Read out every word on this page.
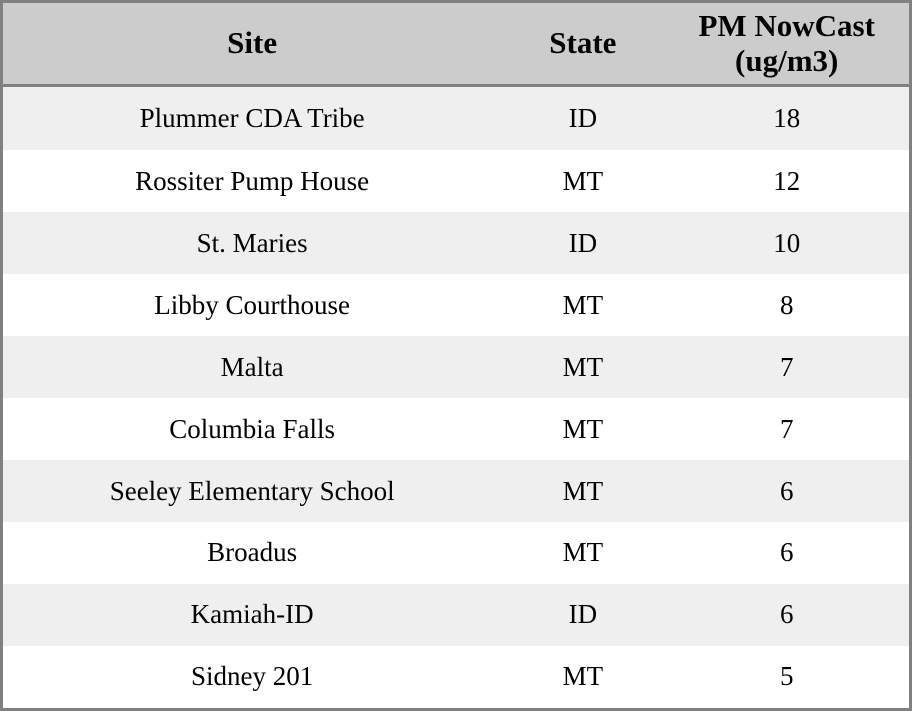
Site	State	PM NowCast (ug/m3)
Plummer CDA Tribe	ID	18
Rossiter Pump House	MT	12
St. Maries	ID	10
Libby Courthouse	MT	8
Malta	MT	7
Columbia Falls	MT	7
Seeley Elementary School	MT	6
Broadus	MT	6
Kamiah-ID	ID	6
Sidney 201	MT	5
